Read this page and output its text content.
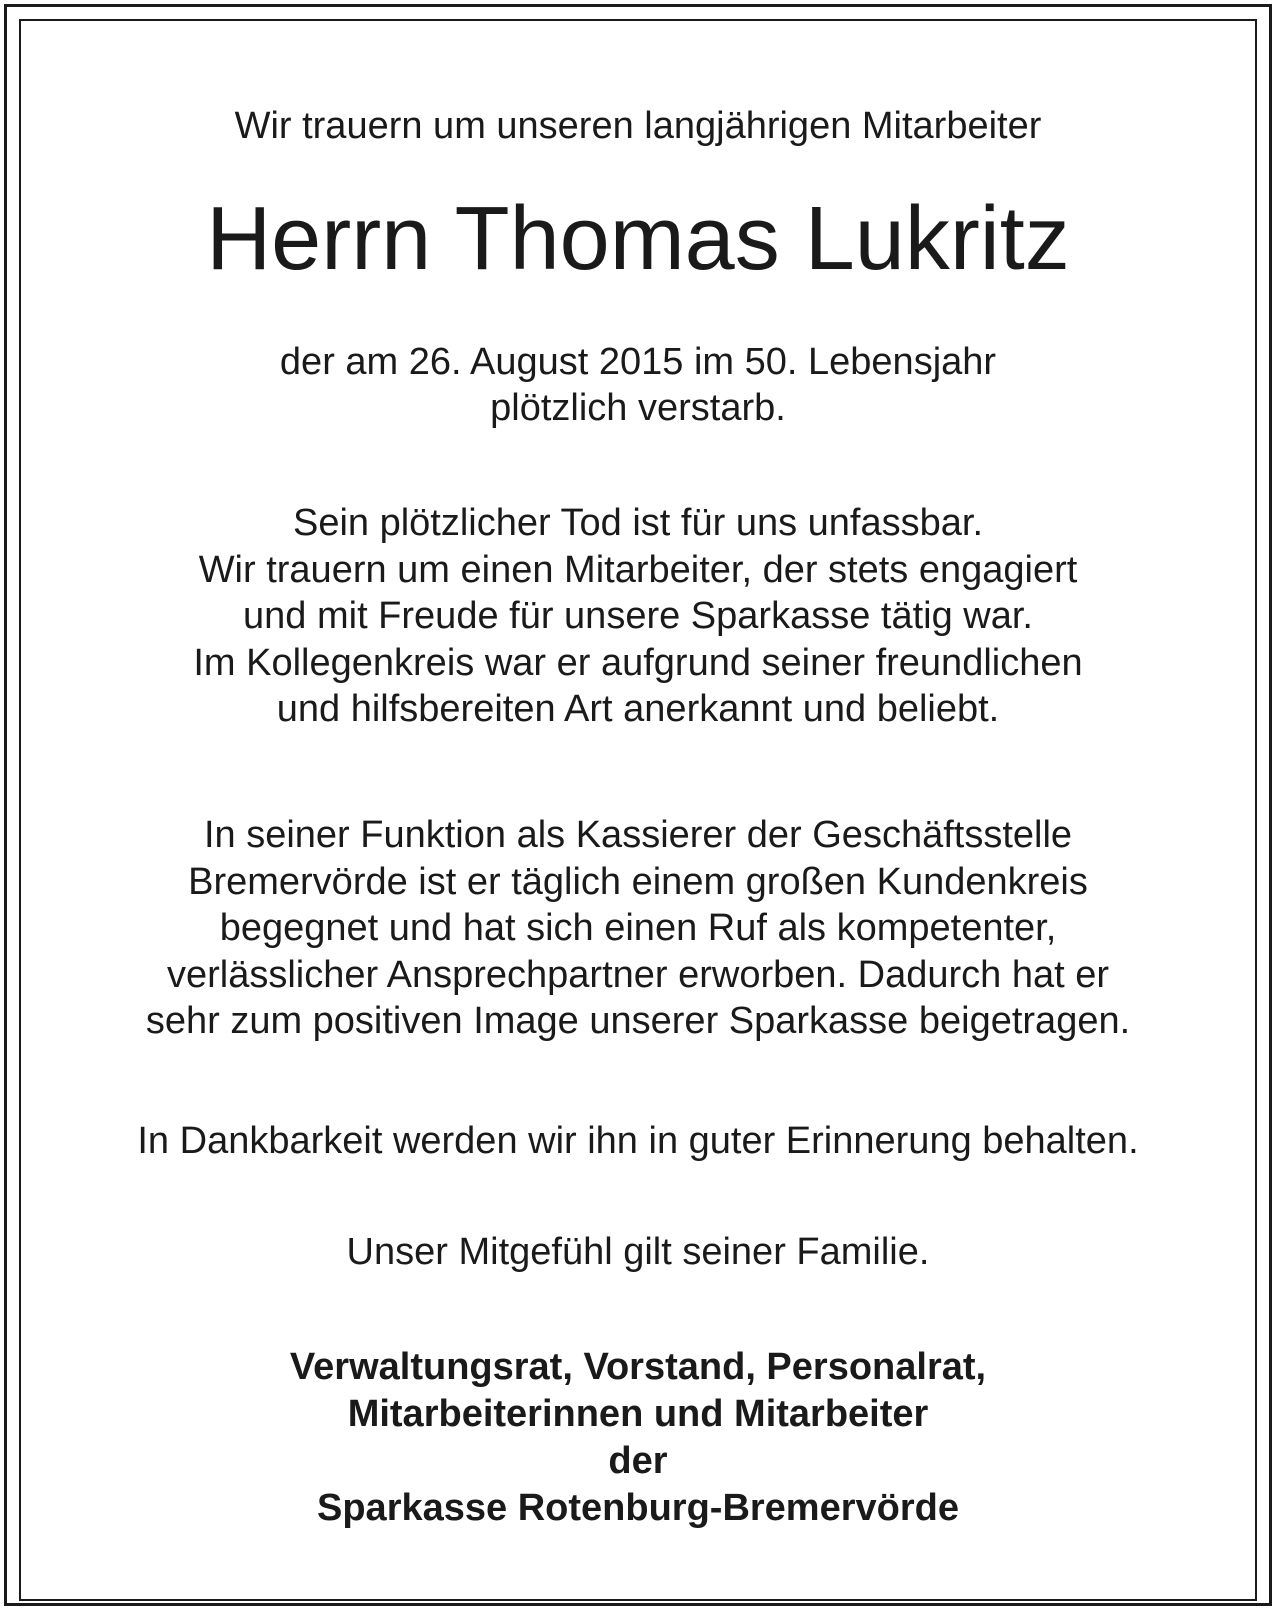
Wir trauern um unseren langjährigen Mitarbeiter
Herrn Thomas Lukritz
der am 26. August 2015 im 50. Lebensjahr
plötzlich verstarb.
Sein plötzlicher Tod ist für uns unfassbar.
Wir trauern um einen Mitarbeiter, der stets engagiert
und mit Freude für unsere Sparkasse tätig war.
Im Kollegenkreis war er aufgrund seiner freundlichen
und hilfsbereiten Art anerkannt und beliebt.
In seiner Funktion als Kassierer der Geschäftsstelle
Bremervörde ist er täglich einem großen Kundenkreis
begegnet und hat sich einen Ruf als kompetenter,
verlässlicher Ansprechpartner erworben. Dadurch hat er
sehr zum positiven Image unserer Sparkasse beigetragen.
In Dankbarkeit werden wir ihn in guter Erinnerung behalten.
Unser Mitgefühl gilt seiner Familie.
Verwaltungsrat, Vorstand, Personalrat,
Mitarbeiterinnen und Mitarbeiter
der
Sparkasse Rotenburg-Bremervörde
